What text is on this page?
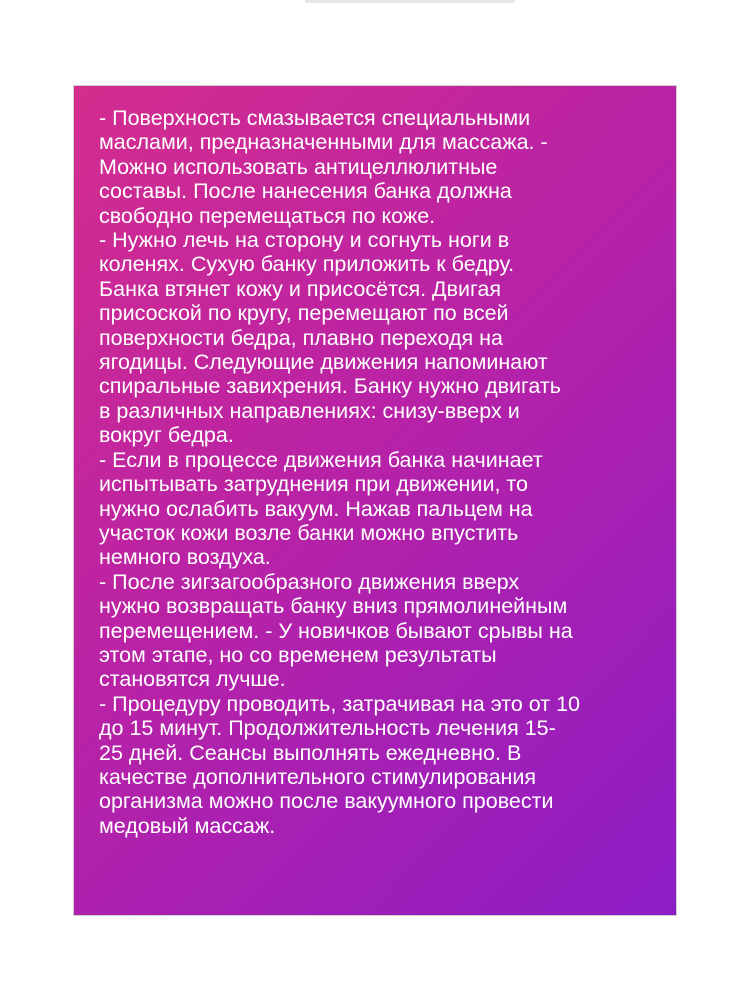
- Поверхность смазывается специальными
маслами, предназначенными для массажа. -
Можно использовать антицеллюлитные
составы. После нанесения банка должна
свободно перемещаться по коже.
- Нужно лечь на сторону и согнуть ноги в
коленях. Сухую банку приложить к бедру.
Банка втянет кожу и присосётся. Двигая
присоской по кругу, перемещают по всей
поверхности бедра, плавно переходя на
ягодицы. Следующие движения напоминают
спиральные завихрения. Банку нужно двигать
в различных направлениях: снизу-вверх и
вокруг бедра.
- Если в процессе движения банка начинает
испытывать затруднения при движении, то
нужно ослабить вакуум. Нажав пальцем на
участок кожи возле банки можно впустить
немного воздуха.
- После зигзагообразного движения вверх
нужно возвращать банку вниз прямолинейным
перемещением. - У новичков бывают срывы на
этом этапе, но со временем результаты
становятся лучше.
- Процедуру проводить, затрачивая на это от 10
до 15 минут. Продолжительность лечения 15-
25 дней. Сеансы выполнять ежедневно. В
качестве дополнительного стимулирования
организма можно после вакуумного провести
медовый массаж.
